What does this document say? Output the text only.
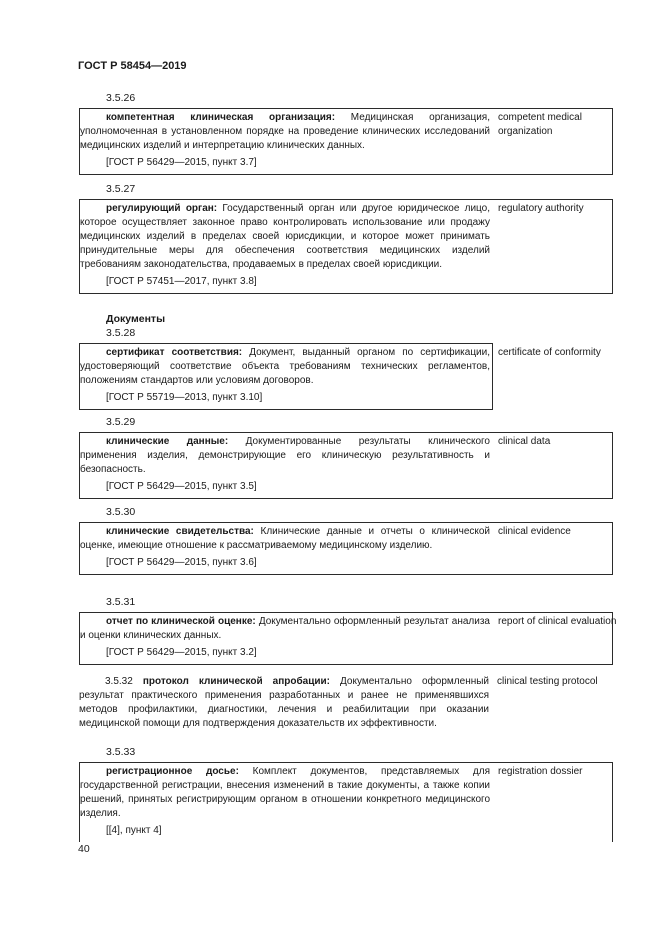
ГОСТ Р 58454—2019
3.5.26

компетентная клиническая организация: Медицинская организация, уполномоченная в установленном порядке на проведение клинических исследований медицинских изделий и интерпретацию клинических данных.

[ГОСТ Р 56429—2015, пункт 3.7]
competent medical organization
3.5.27

регулирующий орган: Государственный орган или другое юридическое лицо, которое осуществляет законное право контролировать использование или продажу медицинских изделий в пределах своей юрисдикции, и которое может принимать принудительные меры для обеспечения соответствия медицинских изделий требованиям законодательства, продаваемых в пределах своей юрисдикции.

[ГОСТ Р 57451—2017, пункт 3.8]
regulatory authority
Документы
3.5.28

сертификат соответствия: Документ, выданный органом по сертификации, удостоверяющий соответствие объекта требованиям технических регламентов, положениям стандартов или условиям договоров.

[ГОСТ Р 55719—2013, пункт 3.10]
certificate of conformity
3.5.29

клинические данные: Документированные результаты клинического применения изделия, демонстрирующие его клиническую результативность и безопасность.

[ГОСТ Р 56429—2015, пункт 3.5]
clinical data
3.5.30

клинические свидетельства: Клинические данные и отчеты о клинической оценке, имеющие отношение к рассматриваемому медицинскому изделию.

[ГОСТ Р 56429—2015, пункт 3.6]
clinical evidence
3.5.31

отчет по клинической оценке: Документально оформленный результат анализа и оценки клинических данных.

[ГОСТ Р 56429—2015, пункт 3.2]
report of clinical evaluation

3.5.32 протокол клинической апробации: Документально оформленный результат практического применения разработанных и ранее не применявшихся методов профилактики, диагностики, лечения и реабилитации при оказании медицинской помощи для подтверждения доказательств их эффективности.

clinical testing protocol
3.5.33

регистрационное досье: Комплект документов, представляемых для государственной регистрации, внесения изменений в такие документы, а также копии решений, принятых регистрирующим органом в отношении конкретного медицинского изделия.

[[4], пункт 4]
registration dossier
40
